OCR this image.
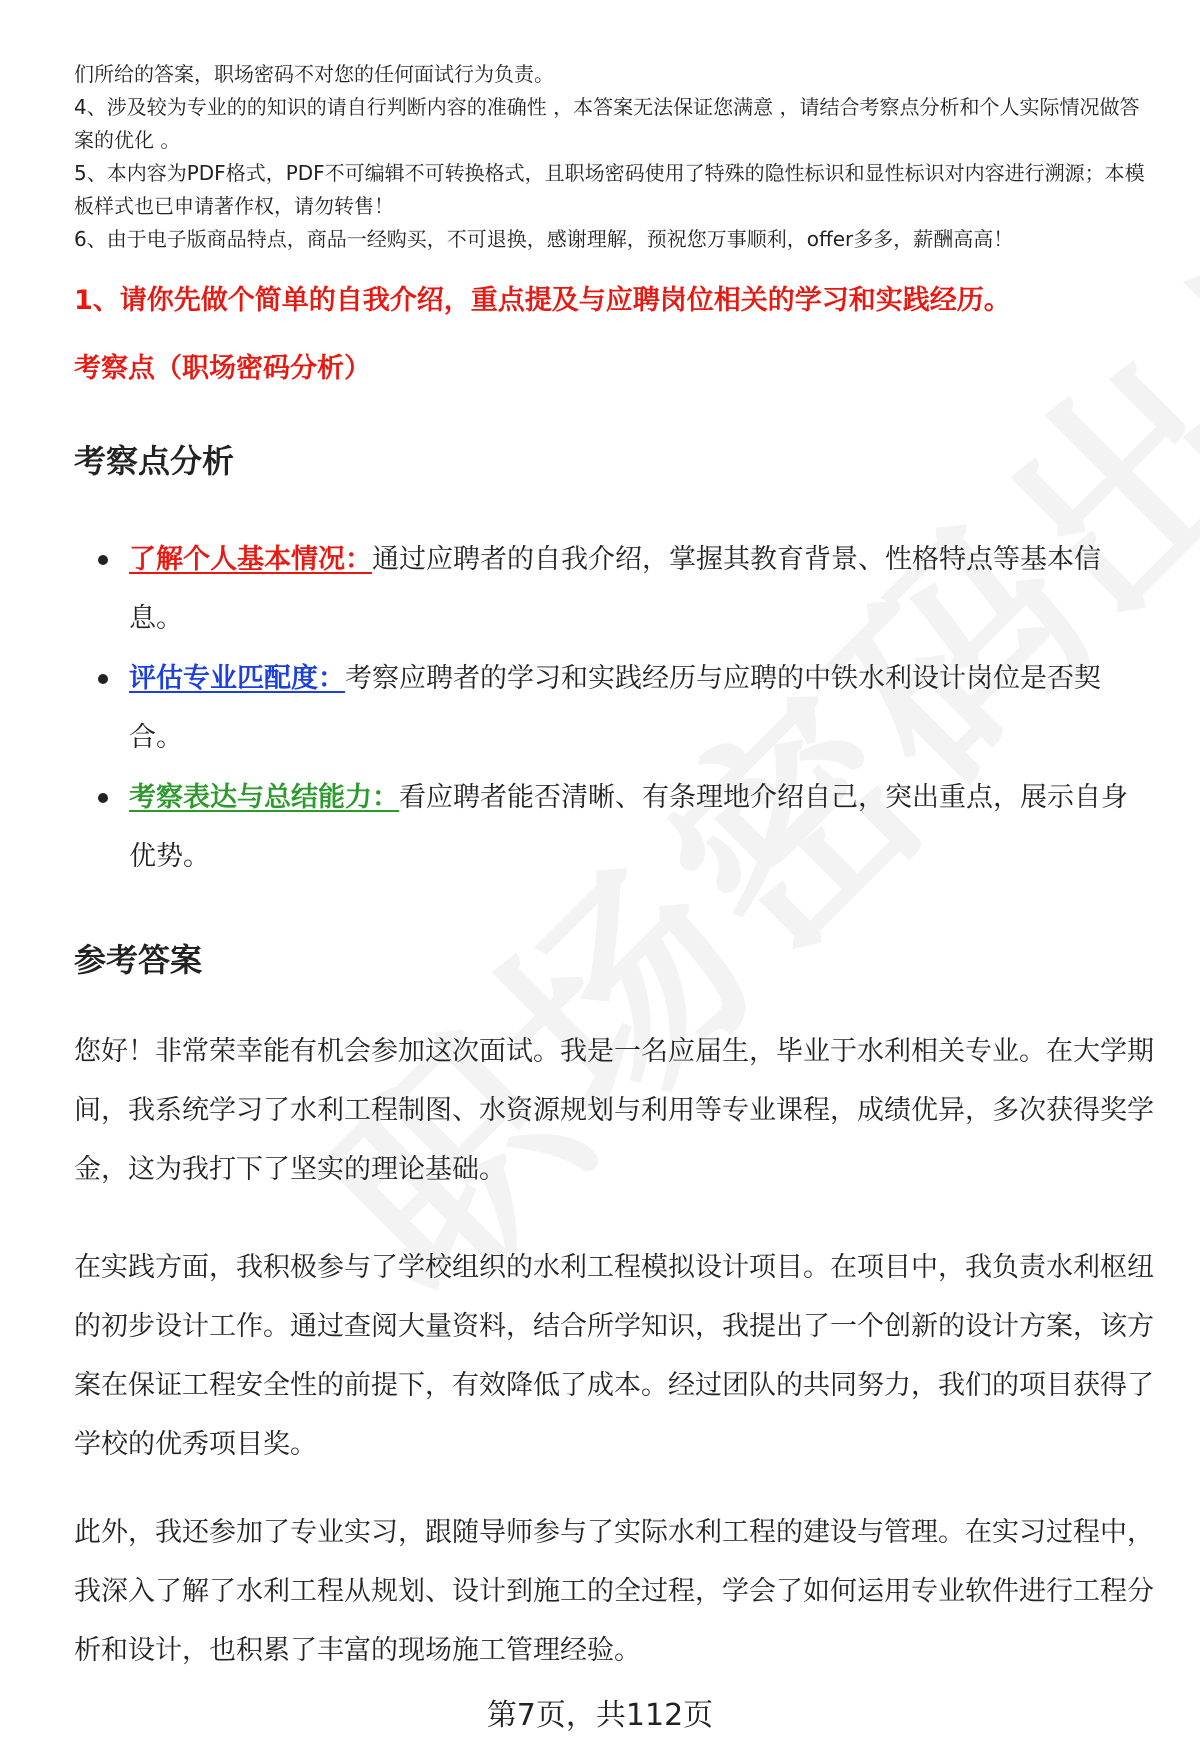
们所给的答案，职场密码不对您的任何面试行为负责。
4、涉及较为专业的的知识的请自行判断内容的准确性 ，本答案无法保证您满意 ，请结合考察点分析和个人实际情况做答案的优化 。
5、本内容为PDF格式，PDF不可编辑不可转换格式，且职场密码使用了特殊的隐性标识和显性标识对内容进行溯源；本模板样式也已申请著作权，请勿转售！
6、由于电子版商品特点，商品一经购买，不可退换，感谢理解，预祝您万事顺利，offer多多，薪酬高高！
1、请你先做个简单的自我介绍，重点提及与应聘岗位相关的学习和实践经历。
考察点（职场密码分析）
考察点分析
了解个人基本情况：通过应聘者的自我介绍，掌握其教育背景、性格特点等基本信息。
评估专业匹配度：考察应聘者的学习和实践经历与应聘的中铁水利设计岗位是否契合。
考察表达与总结能力：看应聘者能否清晰、有条理地介绍自己，突出重点，展示自身优势。
参考答案
您好！非常荣幸能有机会参加这次面试。我是一名应届生，毕业于水利相关专业。在大学期间，我系统学习了水利工程制图、水资源规划与利用等专业课程，成绩优异，多次获得奖学金，这为我打下了坚实的理论基础。
在实践方面，我积极参与了学校组织的水利工程模拟设计项目。在项目中，我负责水利枢纽的初步设计工作。通过查阅大量资料，结合所学知识，我提出了一个创新的设计方案，该方案在保证工程安全性的前提下，有效降低了成本。经过团队的共同努力，我们的项目获得了学校的优秀项目奖。
此外，我还参加了专业实习，跟随导师参与了实际水利工程的建设与管理。在实习过程中，我深入了解了水利工程从规划、设计到施工的全过程，学会了如何运用专业软件进行工程分析和设计，也积累了丰富的现场施工管理经验。
第7页，共112页
